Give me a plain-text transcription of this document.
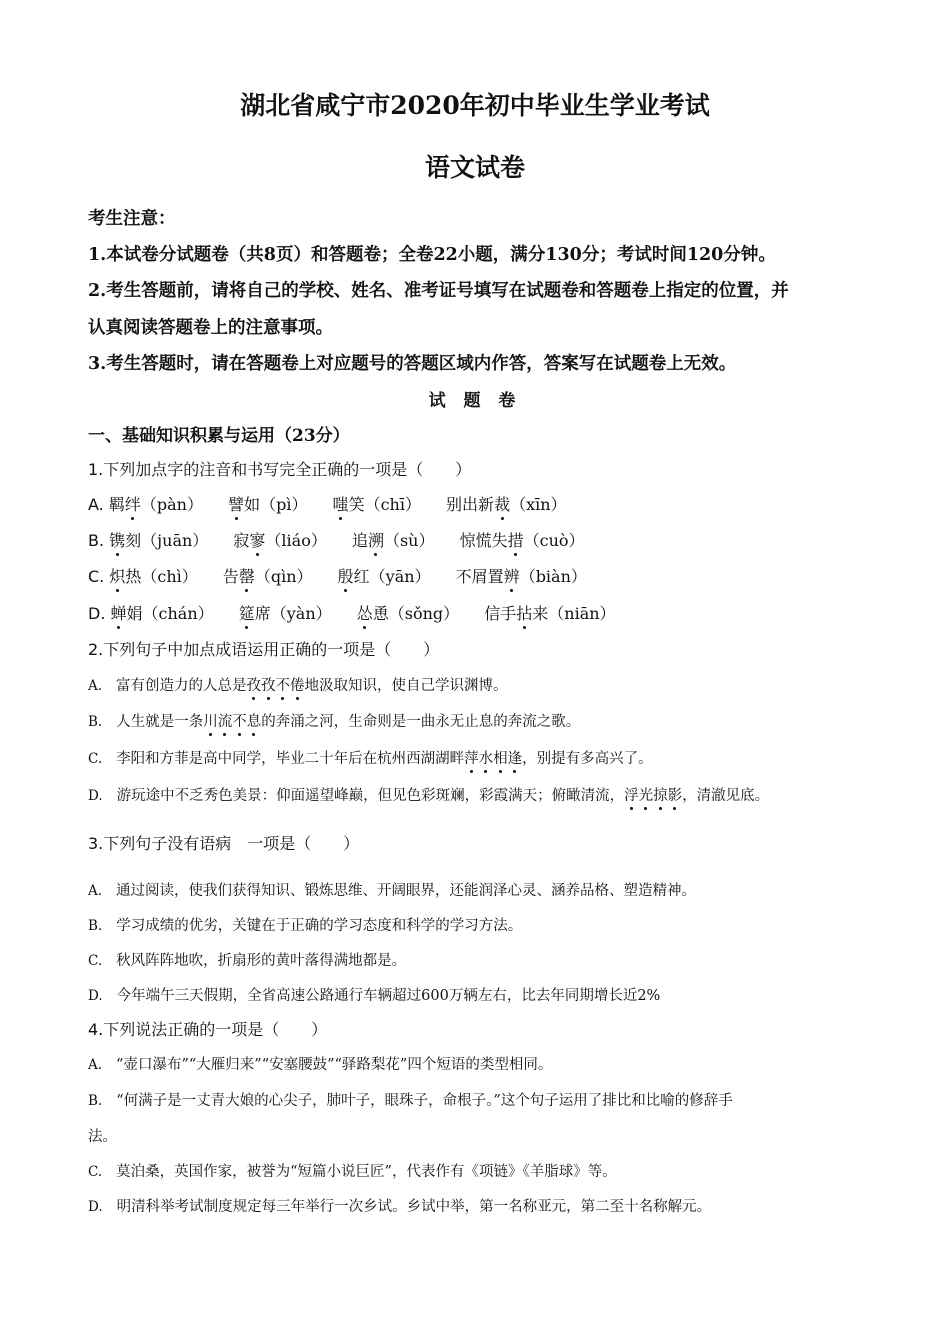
湖北省咸宁市2020年初中毕业生学业考试
语文试卷
考生注意：
1.本试卷分试题卷（共8页）和答题卷；全卷22小题，满分130分；考试时间120分钟。
2.考生答题前，请将自己的学校、姓名、准考证号填写在试题卷和答题卷上指定的位置，并
认真阅读答题卷上的注意事项。
3.考生答题时，请在答题卷上对应题号的答题区域内作答，答案写在试题卷上无效。
试 题 卷
一、基础知识积累与运用（23分）
1.下列加点字的注音和书写完全正确的一项是（　　）
A. 羁绊（pàn） 譬如（pì） 嗤笑（chī） 别出新裁（xīn）
B. 镌刻（juān） 寂寥（liáo） 追溯（sù） 惊慌失措（cuò）
C. 炽热（chì） 告罄（qìn） 殷红（yān） 不屑置辨（biàn）
D. 蝉娟（chán） 筵席（yàn） 怂恿（sǒng） 信手拈来（niān）
2.下列句子中加点成语运用正确的一项是（　　）
A. 富有创造力的人总是孜孜不倦地汲取知识，使自己学识渊博。
B. 人生就是一条川流不息的奔涌之河，生命则是一曲永无止息的奔流之歌。
C. 李阳和方菲是高中同学，毕业二十年后在杭州西湖湖畔萍水相逢，别提有多高兴了。
D. 游玩途中不乏秀色美景：仰面遥望峰巅，但见色彩斑斓，彩霞满天；俯瞰清流，浮光掠影，清澈见底。
3.下列句子没有语病　一项是（　　）
A. 通过阅读，使我们获得知识、锻炼思维、开阔眼界，还能润泽心灵、涵养品格、塑造精神。
B. 学习成绩的优劣，关键在于正确的学习态度和科学的学习方法。
C. 秋风阵阵地吹，折扇形的黄叶落得满地都是。
D. 今年端午三天假期，全省高速公路通行车辆超过600万辆左右，比去年同期增长近2%
4.下列说法正确的一项是（　　）
A. “壶口瀑布”“大雁归来”“安塞腰鼓”“驿路梨花”四个短语的类型相同。
B. “何满子是一丈青大娘的心尖子，肺叶子，眼珠子，命根子。”这个句子运用了排比和比喻的修辞手
法。
C. 莫泊桑，英国作家，被誉为“短篇小说巨匠”，代表作有《项链》《羊脂球》等。
D. 明清科举考试制度规定每三年举行一次乡试。乡试中举，第一名称亚元，第二至十名称解元。
